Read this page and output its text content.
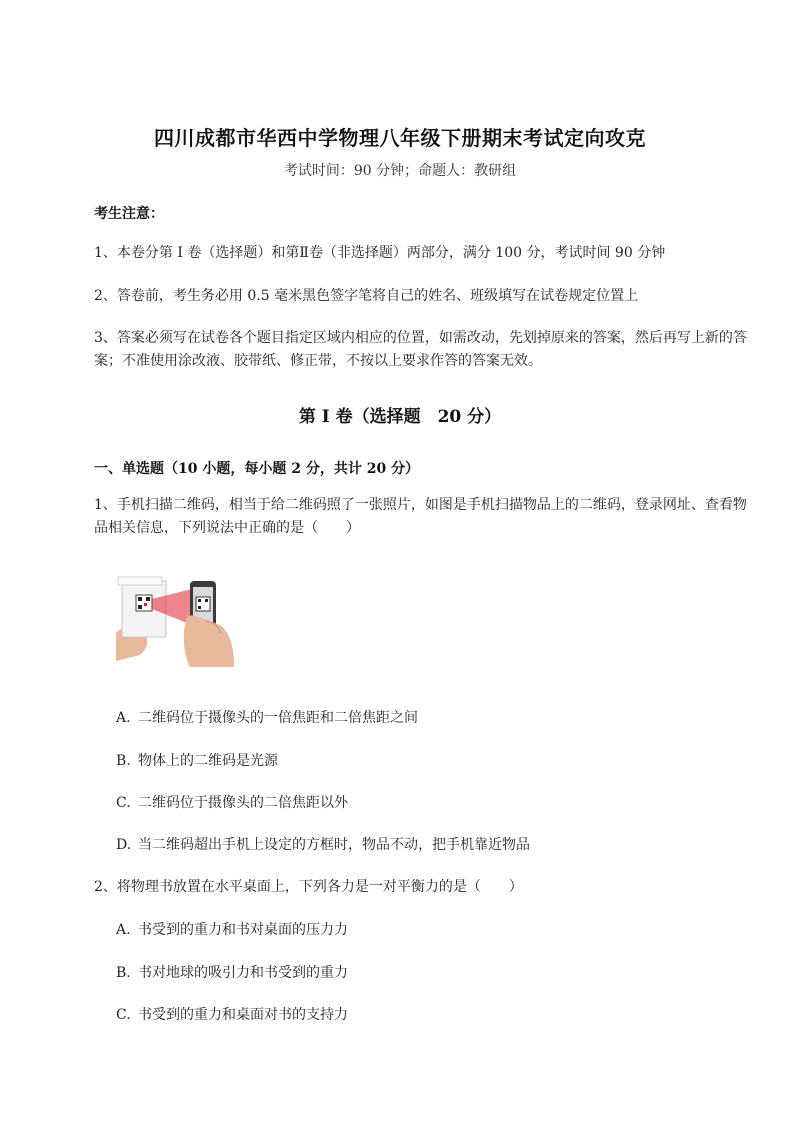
四川成都市华西中学物理八年级下册期末考试定向攻克
考试时间：90 分钟；命题人：教研组
考生注意：
1、本卷分第 I 卷（选择题）和第Ⅱ卷（非选择题）两部分，满分 100 分，考试时间 90 分钟
2、答卷前，考生务必用 0.5 毫米黑色签字笔将自己的姓名、班级填写在试卷规定位置上
3、答案必须写在试卷各个题目指定区域内相应的位置，如需改动，先划掉原来的答案，然后再写上新的答案；不准使用涂改液、胶带纸、修正带，不按以上要求作答的答案无效。
第 I 卷（选择题　20 分）
一、单选题（10 小题，每小题 2 分，共计 20 分）
1、手机扫描二维码，相当于给二维码照了一张照片，如图是手机扫描物品上的二维码，登录网址、查看物品相关信息，下列说法中正确的是（　　）
A. 二维码位于摄像头的一倍焦距和二倍焦距之间
B. 物体上的二维码是光源
C. 二维码位于摄像头的二倍焦距以外
D. 当二维码超出手机上设定的方框时，物品不动，把手机靠近物品
2、将物理书放置在水平桌面上，下列各力是一对平衡力的是（　　）
A. 书受到的重力和书对桌面的压力力
B. 书对地球的吸引力和书受到的重力
C. 书受到的重力和桌面对书的支持力
